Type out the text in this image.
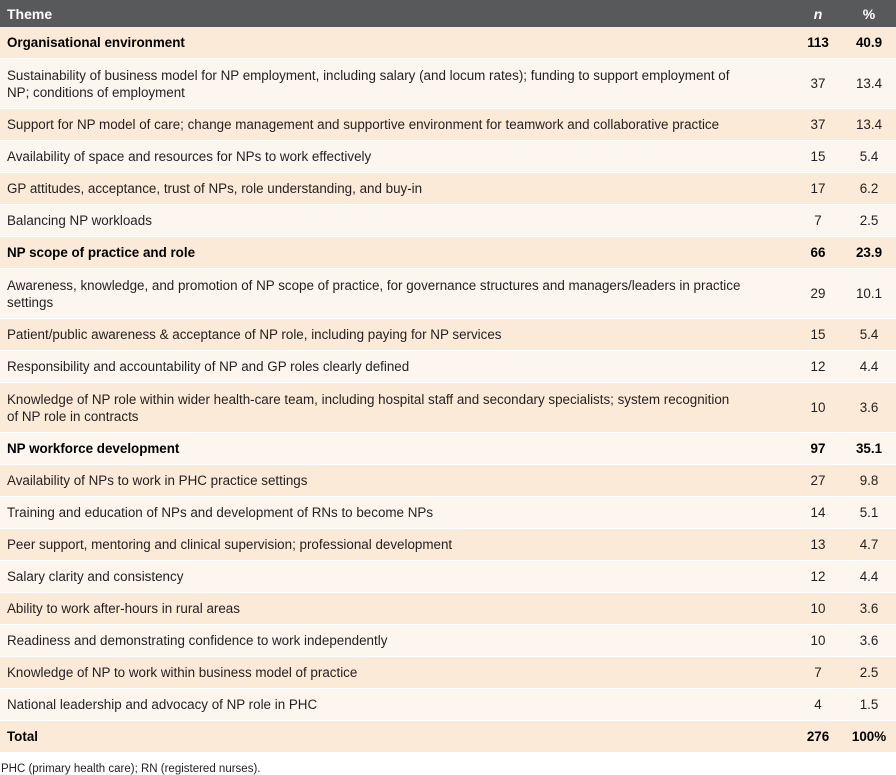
Theme	n	%
Organisational environment	113	40.9
Sustainability of business model for NP employment, including salary (and locum rates); funding to support employment of NP; conditions of employment	37	13.4
Support for NP model of care; change management and supportive environment for teamwork and collaborative practice	37	13.4
Availability of space and resources for NPs to work effectively	15	5.4
GP attitudes, acceptance, trust of NPs, role understanding, and buy-in	17	6.2
Balancing NP workloads	7	2.5
NP scope of practice and role	66	23.9
Awareness, knowledge, and promotion of NP scope of practice, for governance structures and managers/leaders in practice settings	29	10.1
Patient/public awareness & acceptance of NP role, including paying for NP services	15	5.4
Responsibility and accountability of NP and GP roles clearly defined	12	4.4
Knowledge of NP role within wider health-care team, including hospital staff and secondary specialists; system recognition of NP role in contracts	10	3.6
NP workforce development	97	35.1
Availability of NPs to work in PHC practice settings	27	9.8
Training and education of NPs and development of RNs to become NPs	14	5.1
Peer support, mentoring and clinical supervision; professional development	13	4.7
Salary clarity and consistency	12	4.4
Ability to work after-hours in rural areas	10	3.6
Readiness and demonstrating confidence to work independently	10	3.6
Knowledge of NP to work within business model of practice	7	2.5
National leadership and advocacy of NP role in PHC	4	1.5
Total	276	100%
PHC (primary health care); RN (registered nurses).
